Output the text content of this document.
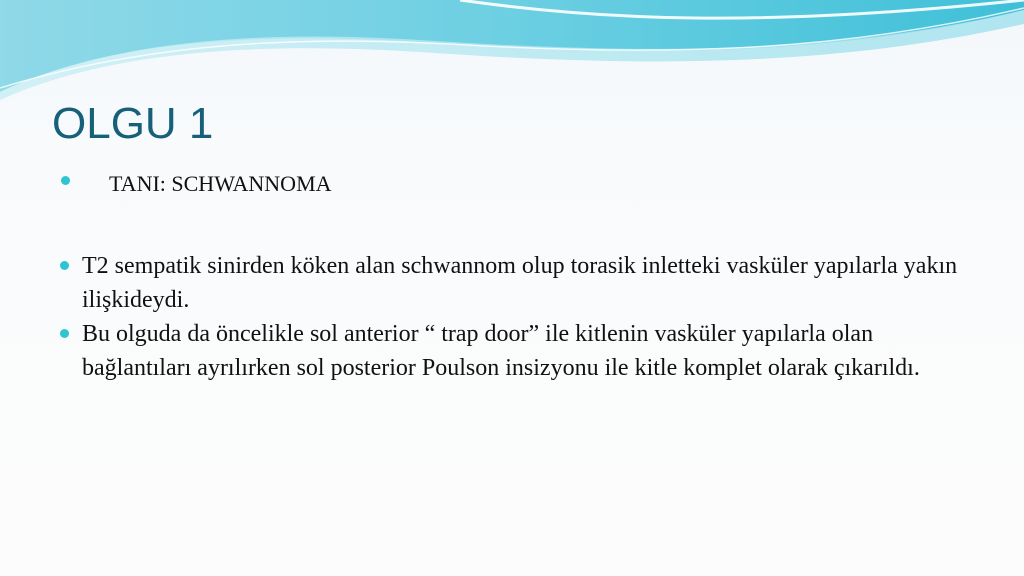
OLGU 1
TANI: SCHWANNOMA
T2 sempatik sinirden köken alan schwannom olup torasik inletteki vasküler yapılarla yakın ilişkideydi.
Bu olguda da öncelikle sol anterior “ trap door” ile kitlenin vasküler yapılarla olan bağlantıları ayrılırken sol posterior Poulson insizyonu ile kitle komplet olarak çıkarıldı.
